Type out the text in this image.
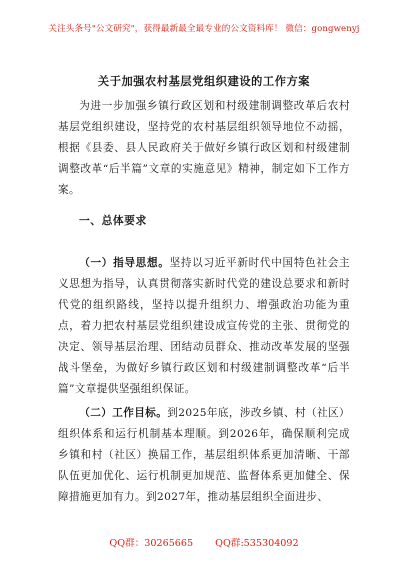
关注头条号"公文研究"，获得最新最全最专业的公文资料库！ 微信：gongwenyj
关于加强农村基层党组织建设的工作方案

为进一步加强乡镇行政区划和村级建制调整改革后农村基层党组织建设，坚持党的农村基层组织领导地位不动摇，根据《县委、县人民政府关于做好乡镇行政区划和村级建制调整改革“后半篇”文章的实施意见》精神，制定如下工作方案。

一、总体要求

（一）指导思想。坚持以习近平新时代中国特色社会主义思想为指导，认真贯彻落实新时代党的建设总要求和新时代党的组织路线，坚持以提升组织力、增强政治功能为重点，着力把农村基层党组织建设成宣传党的主张、贯彻党的决定、领导基层治理、团结动员群众、推动改革发展的坚强战斗堡垒，为做好乡镇行政区划和村级建制调整改革“后半篇”文章提供坚强组织保证。

（二）工作目标。到2025年底，涉改乡镇、村（社区）组织体系和运行机制基本理顺。到2026年，确保顺利完成乡镇和村（社区）换届工作，基层组织体系更加清晰、干部队伍更加优化、运行机制更加规范、监督体系更加健全、保障措施更加有力。到2027年，推动基层组织全面进步、

QQ群：30265665 QQ群:535304092
